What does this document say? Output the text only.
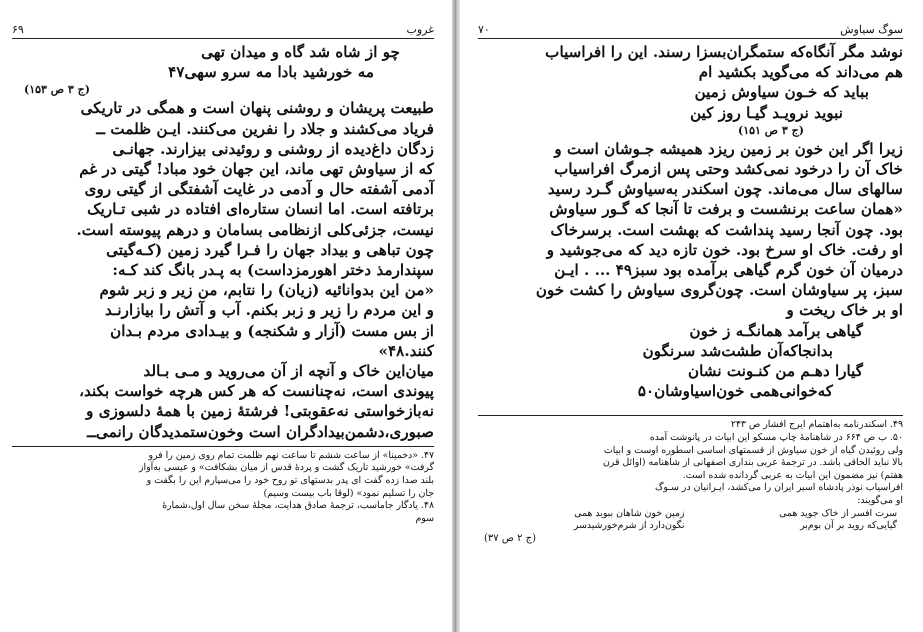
غروب
۶۹

چو از شاه شد گاه و میدان تهی

مه خورشید بادا مه سرو سهی۴۷

(ج ۳ ص ۱۵۳)

طبیعت پریشان و روشنی پنهان است و همگی در تاریکی

فریاد می‌کشند و جلاد را نفرین می‌کنند. ایـن ظلمت ــ

زدگان داغ‌دیده از روشنی و روئیدنی بیزارند. جهانـی

که از سیاوش تهی ماند، این جهان خود مباد! گیتی در غم

آدمی آشفته حال و آدمی در غایت آشفتگی از گیتی روی

برتافته است. اما انسان ستاره‌ای افتاده در شبی تـاریک

نیست، جزئی‌کلی ازنظامی بسامان و درهم پیوسته است.

چون تباهی و بیداد جهان را فـرا گیرد زمین (کـه‌گیتی

سپندارمذ دختر اهورمزداست) به پـدر بانگ کند کـه:

«من این بدوانائیه (زیان) را نتابم، من زیر و زبر شوم

و این مردم را زیر و زبر بکنم. آب و آتش را بیازارنـد

از بس مست (آزار و شکنجه) و بیـدادی مردم بـدان

کنند.۴۸»

میان‌این خاک و آنچه از آن می‌روید و مـی بـالد

پیوندی است، نه‌چنانست که هر کس هرچه خواست بکند،

نه‌بازخواستی نه‌عقوبتی! فرشتهٔ زمین با همهٔ دلسوزی و

صبوری،دشمن‌بیدادگران است وخون‌ستمدیدگان رانمی‌ــ

۴۷. «دخمینا» از ساعت ششم تا ساعت نهم ظلمت تمام روی زمین را فرو

گرفت» خورشید تاریک گشت و پردهٔ قدس از میان بشکافت» و عیسی به‌آواز

بلند صدا زده گفت ای پدر بدستهای تو روح خود را می‌سپارم این را بگفت و

جان را تسلیم نمود» (لوقا باب بیست وسیم)

۴۸. یادگار جاماسب، ترجمهٔ صادق هدایت، مجلهٔ سخن سال اول،شمارهٔ

سوم

سوگ سیاوش
۷۰

نوشد مگر آنگاه‌که ستمگران‌بسزا رسند. این را افراسیاب

هم می‌داند که می‌گوید بکشید ام

بباید که خـون سیاوش زمین

نبوید نرویـد گیـا روز کین

(ج ۳ ص ۱۵۱)

زیرا اگر این خون بر زمین ریزد همیشه جـوشان است و

خاک آن را درخود نمی‌کشد وحتی پس ازمرگ افراسیاب

سالهای سال می‌ماند. چون اسکندر به‌سیاوش گـرد رسید

«همان ساعت برنشست و برفت تا آنجا که گـور سیاوش

بود. چون آنجا رسید پنداشت که بهشت است. بر‌سرخاک

او رفت. خاک او سرخ بود. خون تازه دید که می‌جوشید و

درمیان آن خون گرم گیاهی برآمده بود سبز۴۹ ... . ایـن

سبز، پر سیاوشان است. چون‌گروی سیاوش را کشت خون

او بر خاک ریخت و

گیاهی برآمد همانگـه ز خون

بدانجاکه‌آن طشت‌شد سرنگون

گیارا دهـم من کنـونت نشان

که‌خوانی‌همی خون‌اسیاوشان۵۰

۴۹. اسکندرنامه به‌اهتمام ایرج افشار ص ۲۴۳

۵۰. ب ص ۶۶۴ در شاهنامهٔ چاپ مسکو این ابیات در پانوشت آمده

ولی روئیدن گیاه از خون سیاوش از قسمتهای اساسی اسطوره اوست و ابیات

بالا نباید الحاقی باشد. در ترجمهٔ عربی بنداری اصفهانی از شاهنامه (اوائل قرن

هفتم) نیز مضمون این ابیات به عربی گردانده شده است.

افراسیاب نوذر پادشاه اسیر ایران را می‌کشد، ایـرانیان در سـوگ

او می‌گویند:

سرت افسر از خاک جوید همی
زمین خون شاهان ببوید همی
گیایی‌که روید بر آن بوم‌بر
نگون‌دارد از شرم‌خورشیدسر

(ج ۲ ص ۳۷)
